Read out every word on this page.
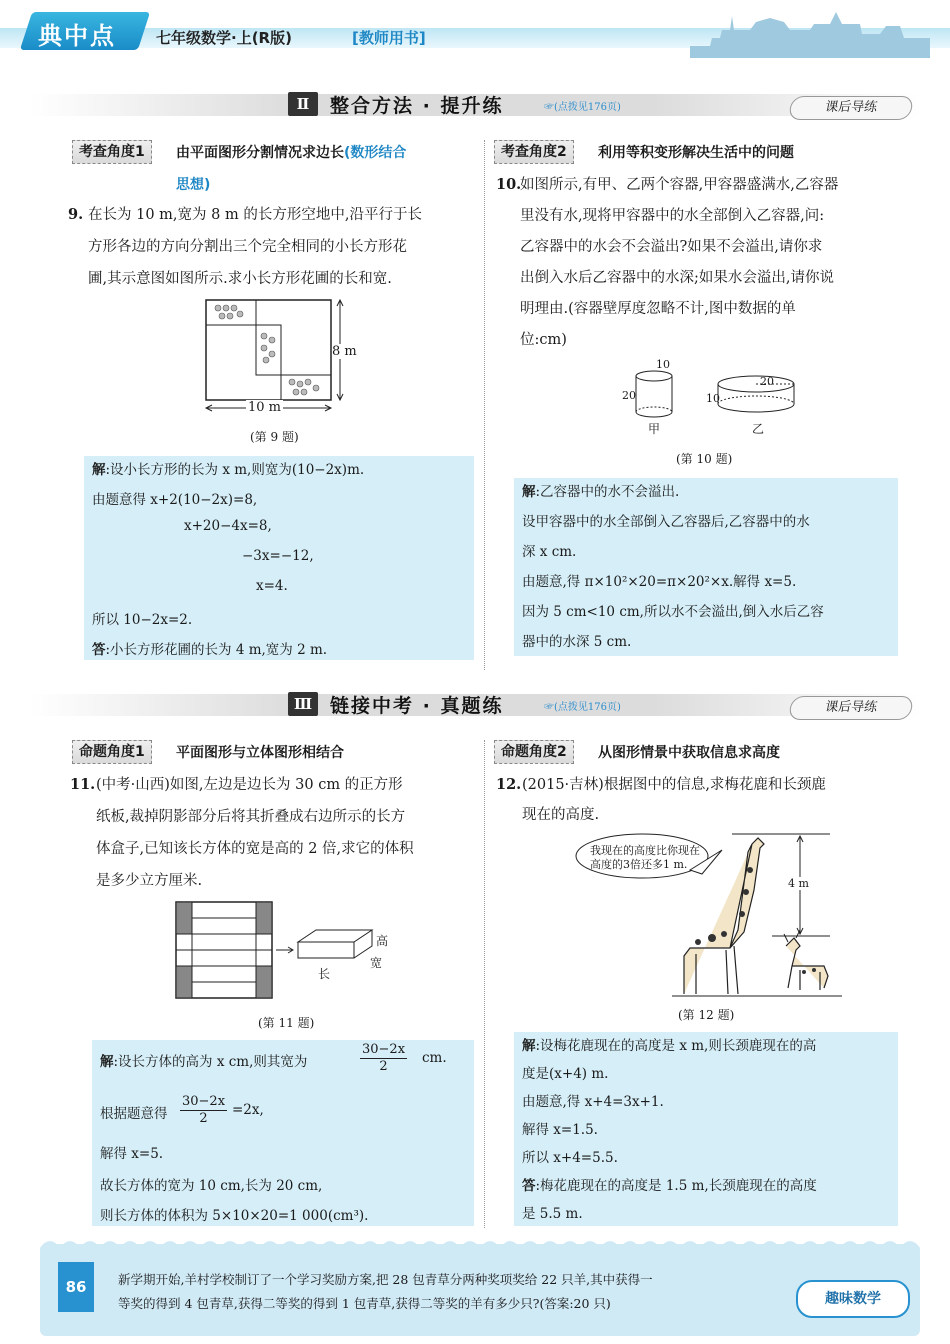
典中点	七年级数学·上(R版)	[教师用书]
Ⅱ	整合方法 · 提升练	☞(点拨见176页)	课后导练
考查角度1	由平面图形分割情况求边长(数形结合
思想)
9. 在长为 10 m,宽为 8 m 的长方形空地中,沿平行于长
方形各边的方向分割出三个完全相同的小长方形花
圃,其示意图如图所示.求小长方形花圃的长和宽.
8 m
10 m
(第 9 题)
解:设小长方形的长为 x m,则宽为(10−2x)m.
由题意得 x+2(10−2x)=8,
x+20−4x=8,
−3x=−12,
x=4.
所以 10−2x=2.
答:小长方形花圃的长为 4 m,宽为 2 m.
考查角度2	利用等积变形解决生活中的问题
10.
如图所示,有甲、乙两个容器,甲容器盛满水,乙容器
里没有水,现将甲容器中的水全部倒入乙容器,问:
乙容器中的水会不会溢出?如果不会溢出,请你求
出倒入水后乙容器中的水深;如果水会溢出,请你说
明理由.(容器壁厚度忽略不计,图中数据的单
位:cm)
10
20
甲
20
10
乙
(第 10 题)
解:乙容器中的水不会溢出.
设甲容器中的水全部倒入乙容器后,乙容器中的水
深 x cm.
由题意,得 π×10²×20=π×20²×x.解得 x=5.
因为 5 cm<10 cm,所以水不会溢出,倒入水后乙容
器中的水深 5 cm.
Ⅲ 链接中考 · 真题练	☞(点拨见176页)	课后导练
命题角度1	平面图形与立体图形相结合
11. (中考·山西)如图,左边是边长为 30 cm 的正方形
纸板,裁掉阴影部分后将其折叠成右边所示的长方
体盒子,已知该长方体的宽是高的 2 倍,求它的体积
是多少立方厘米.
高
宽
长
(第 11 题)
解:设长方体的高为 x cm,则其宽为	$\frac{30-2x}{2}$ cm.
根据题意得 $\frac{30-2x}{2} =2x$,
解得 x=5.
故长方体的宽为 10 cm,长为 20 cm,
则长方体的体积为 5×10×20=1 000(cm³).
命题角度2	从图形情景中获取信息求高度
12. (2015·吉林)根据图中的信息,求梅花鹿和长颈鹿
现在的高度.
我现在的高度比你现在
高度的3倍还多1 m.
4 m
(第 12 题)
解:设梅花鹿现在的高度是 x m,则长颈鹿现在的高
度是(x+4) m.
由题意,得 x+4=3x+1.
解得 x=1.5.
所以 x+4=5.5.
答:梅花鹿现在的高度是 1.5 m,长颈鹿现在的高度
是 5.5 m.
86	新学期开始,羊村学校制订了一个学习奖励方案,把 28 包青草分两种奖项奖给 22 只羊,其中获得一
等奖的得到 4 包青草,获得二等奖的得到 1 包青草,获得二等奖的羊有多少只?(答案:20 只)	趣味数学
